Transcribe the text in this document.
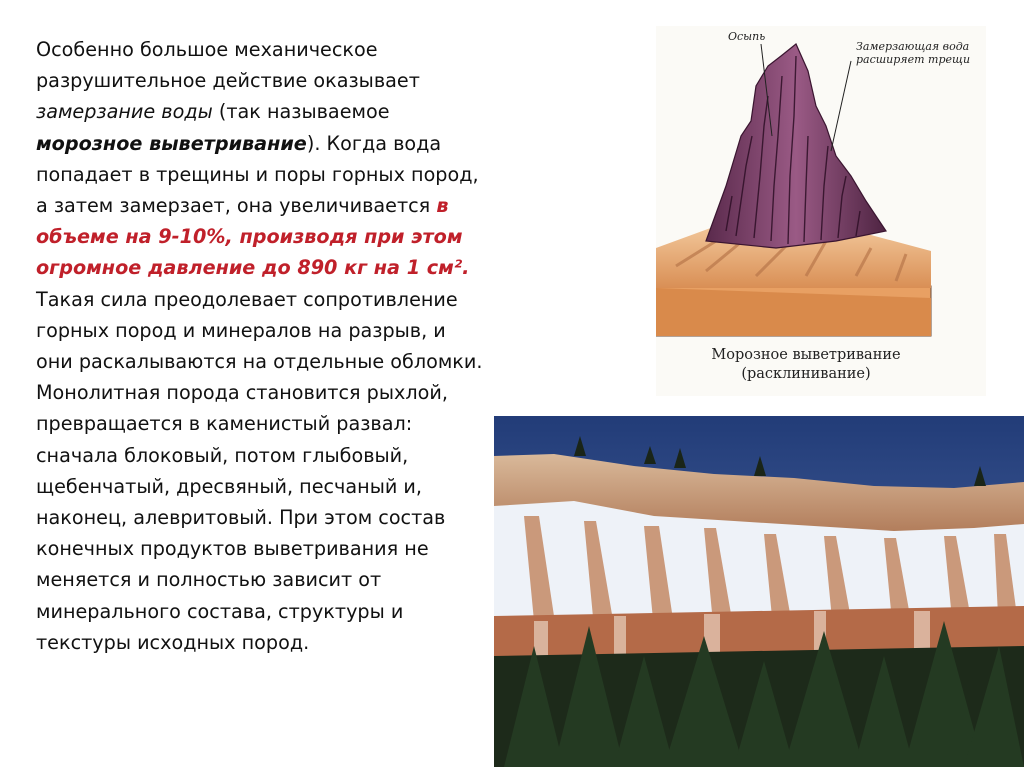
Особенно большое механическое
разрушительное действие оказывает
замерзание воды (так называемое
морозное выветривание). Когда вода
попадает в трещины и поры горных пород,
а затем замерзает, она увеличивается в
объеме на 9-10%, производя при этом
огромное давление до 890 кг на 1 см².
Такая сила преодолевает сопротивление
горных пород и минералов на разрыв, и
они раскалываются на отдельные обломки.
Монолитная порода становится рыхлой,
превращается в каменистый развал:
сначала блоковый, потом глыбовый,
щебенчатый, дресвяный, песчаный и,
наконец, алевритовый. При этом состав
конечных продуктов выветривания не
меняется и полностью зависит от
минерального состава, структуры и
текстуры исходных пород.
Осыпь
Замерзающая вода
расширяет трещи
Морозное выветривание
(расклинивание)
